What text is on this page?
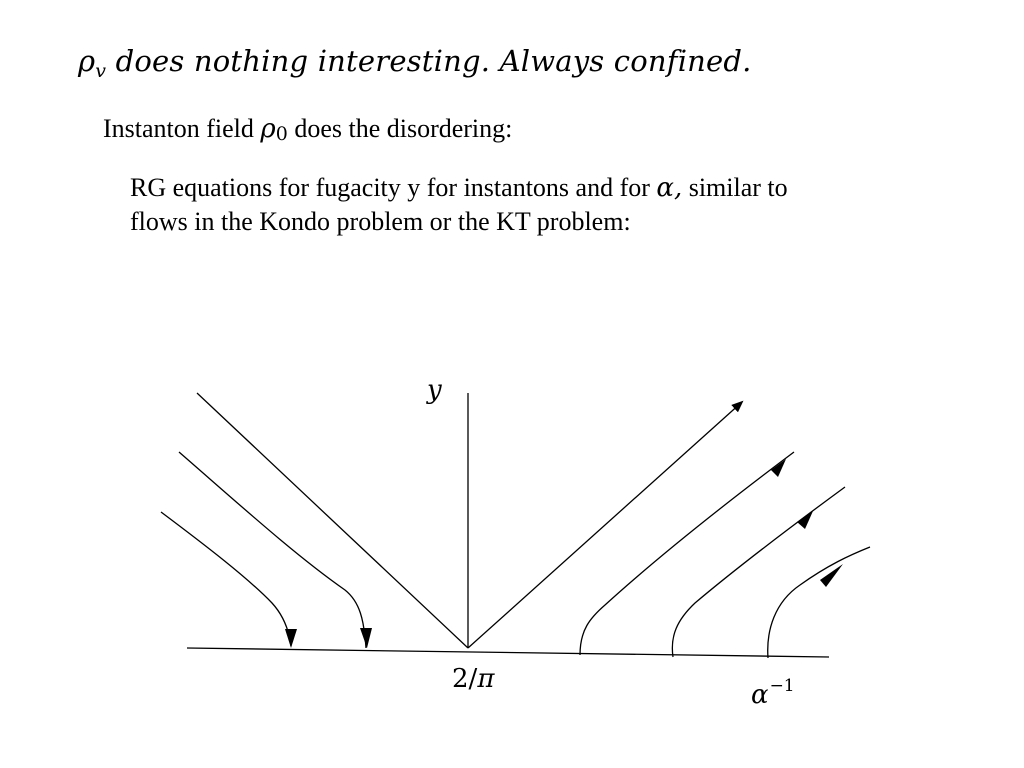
$\rho_v$ does nothing interesting. Always confined.
Instanton field ρ0 does the disordering:
RG equations for fugacity y for instantons and for α, similar to
flows in the Kondo problem or the KT problem:
y
2/π
$\alpha^{-1}$
